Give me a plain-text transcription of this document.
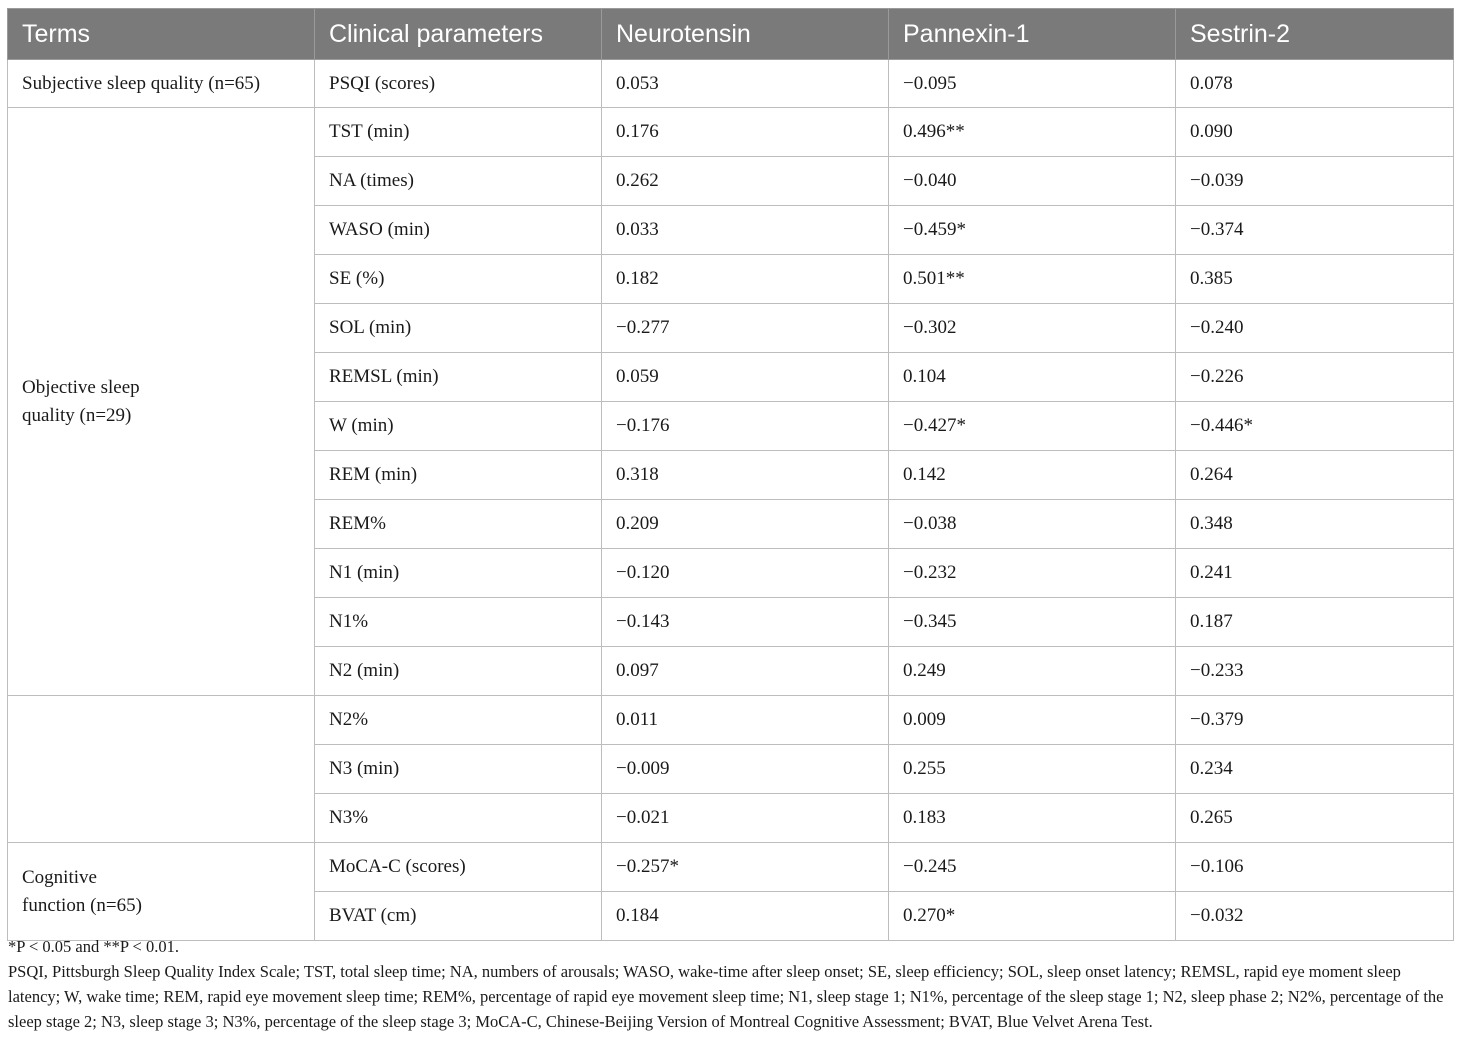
Terms	Clinical parameters	Neurotensin	Pannexin-1	Sestrin-2
Subjective sleep quality (n=65)	PSQI (scores)	0.053	−0.095	0.078
Objective sleep quality (n=29)	TST (min)	0.176	0.496**	0.090
	NA (times)	0.262	−0.040	−0.039
	WASO (min)	0.033	−0.459*	−0.374
	SE (%)	0.182	0.501**	0.385
	SOL (min)	−0.277	−0.302	−0.240
	REMSL (min)	0.059	0.104	−0.226
	W (min)	−0.176	−0.427*	−0.446*
	REM (min)	0.318	0.142	0.264
	REM%	0.209	−0.038	0.348
	N1 (min)	−0.120	−0.232	0.241
	N1%	−0.143	−0.345	0.187
	N2 (min)	0.097	0.249	−0.233
	N2%	0.011	0.009	−0.379
	N3 (min)	−0.009	0.255	0.234
	N3%	−0.021	0.183	0.265
Cognitive function (n=65)	MoCA-C (scores)	−0.257*	−0.245	−0.106
	BVAT (cm)	0.184	0.270*	−0.032

*P < 0.05 and **P < 0.01.

PSQI, Pittsburgh Sleep Quality Index Scale; TST, total sleep time; NA, numbers of arousals; WASO, wake-time after sleep onset; SE, sleep efficiency; SOL, sleep onset latency; REMSL, rapid eye moment sleep latency; W, wake time; REM, rapid eye movement sleep time; REM%, percentage of rapid eye movement sleep time; N1, sleep stage 1; N1%, percentage of the sleep stage 1; N2, sleep phase 2; N2%, percentage of the sleep stage 2; N3, sleep stage 3; N3%, percentage of the sleep stage 3; MoCA-C, Chinese-Beijing Version of Montreal Cognitive Assessment; BVAT, Blue Velvet Arena Test.
